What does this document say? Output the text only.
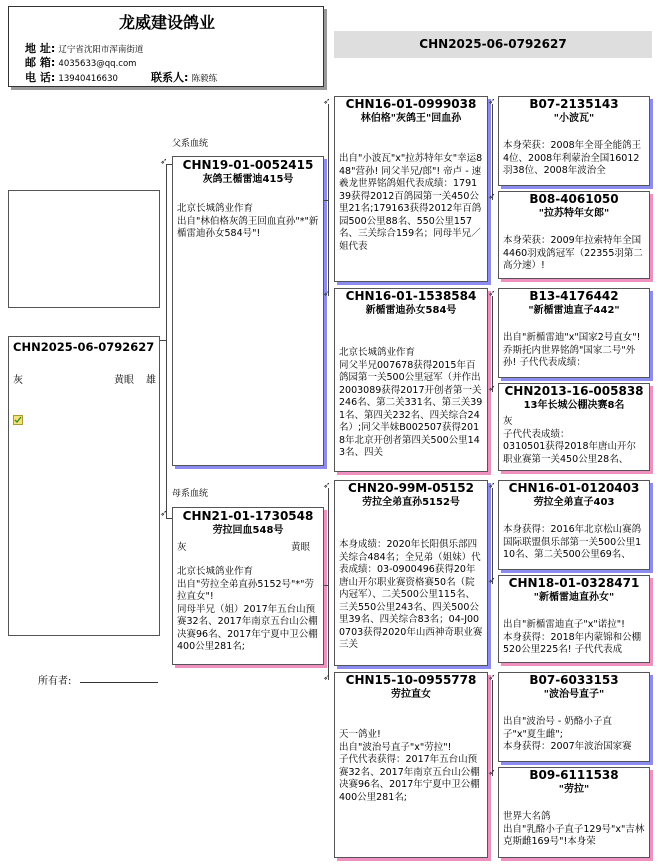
龙威建设鸽业
地 址: 辽宁省沈阳市浑南街道
邮 箱: 4035633@qq.com
电 话: 13940416630	联系人: 陈毅练
CHN2025-06-0792627
CHN2025-06-0792627
灰	黄眼 雄
所有者:
父系血统
母系血统
➶
➶
CHN19-01-0052415
灰鸽王楯雷迪415号
北京长城鸽业作育
出自"林伯格灰鸽王回血直孙"*"新楯雷迪孙女584号"!
CHN21-01-1730548
劳拉回血548号
灰	黄眼
北京长城鸽业作育
出自"劳拉全弟直孙5152号"*"劳拉直女"!
同母半兄（姐）2017年五台山预赛32名、2017年南京五台山公棚决赛96名、2017年宁夏中卫公棚400公里281名;
➶
➶
➶
➶
CHN16-01-0999038
林伯格"灰鸽王"回血孙
出自"小波瓦"x"拉苏特年女"幸运848"营孙! 同父半兄/郎"! 帝卢 - 速羲龙世界铭鸽姐代表成绩：179139获得2012百鸽园第一关450公里21名;179163获得2012年百鸽园500公里88名、550公里157名、三关综合159名；同母半兄／姐代表
CHN16-01-1538584
新楯雷迪孙女584号
北京长城鸽业作育
同父半兄007678获得2015年百鸽园第一关500公里冠军（并作出2003089获得2017开创者第一关246名、第二关331名、第三关391名、第四关232名、四关综合24名）;同父半妹B002507获得2018年北京开创者第四关500公里143名、四关
CHN20-99M-05152
劳拉全弟直孙5152号
本身成绩：2020年长阳俱乐部四关综合484名；全兄弟（姐妹）代表成绩：03-0900496获得20年唐山开尔职业赛资格赛50名（院内冠军）、二关500公里115名、三关550公里243名、四关500公里39名、四关综合83名；04-J000703获得2020年山西神奇职业赛三关
CHN15-10-0955778
劳拉直女
天一鸽业!
出自"波治号直子"x"劳拉"!
子代代表获得：2017年五台山预赛32名、2017年南京五台山公棚决赛96名、2017年宁夏中卫公棚400公里281名;
➶
➶
➶
➶
➶
➶
➶
➶
B07-2135143
"小波瓦"
本身荣获：2008年全哥全能鸽王4位、2008年利蒙治全国16012羽38位、2008年波治全
B08-4061050
"拉苏特年女郎"
本身荣获：2009年拉索特年全国4460羽戏鸽冠军（22355羽第二高分速）!
B13-4176442
"新楯雷迪直子442"
出自"新楯雷迪"x"国家2号直女"! 乔斯托内世界铭鸽"国家二号"外孙! 子代代表成绩：
CHN2013-16-005838
13年长城公棚决赛8名
灰
子代代表成绩：
0310501获得2018年唐山开尔职业赛第一关450公里28名、
CHN16-01-0120403
劳拉全弟直子403
本身获得：2016年北京松山赛鸽国际联盟俱乐部第一关500公里110名、第二关500公里69名、
CHN18-01-0328471
"新楯雷迪直孙女"
出自"新楯雷迪直子"x"诺拉"!
本身获得：2018年内蒙锦和公棚520公里225名! 子代代表成
B07-6033153
"波治号直子"
出自"波治号 - 奶酪小子直子"x"夏生雌";
本身获得：2007年波治国家赛
B09-6111538
"劳拉"
世界大名鸽
出自"乳酪小子直子129号"x"吉林克斯雌169号"!本身荣
